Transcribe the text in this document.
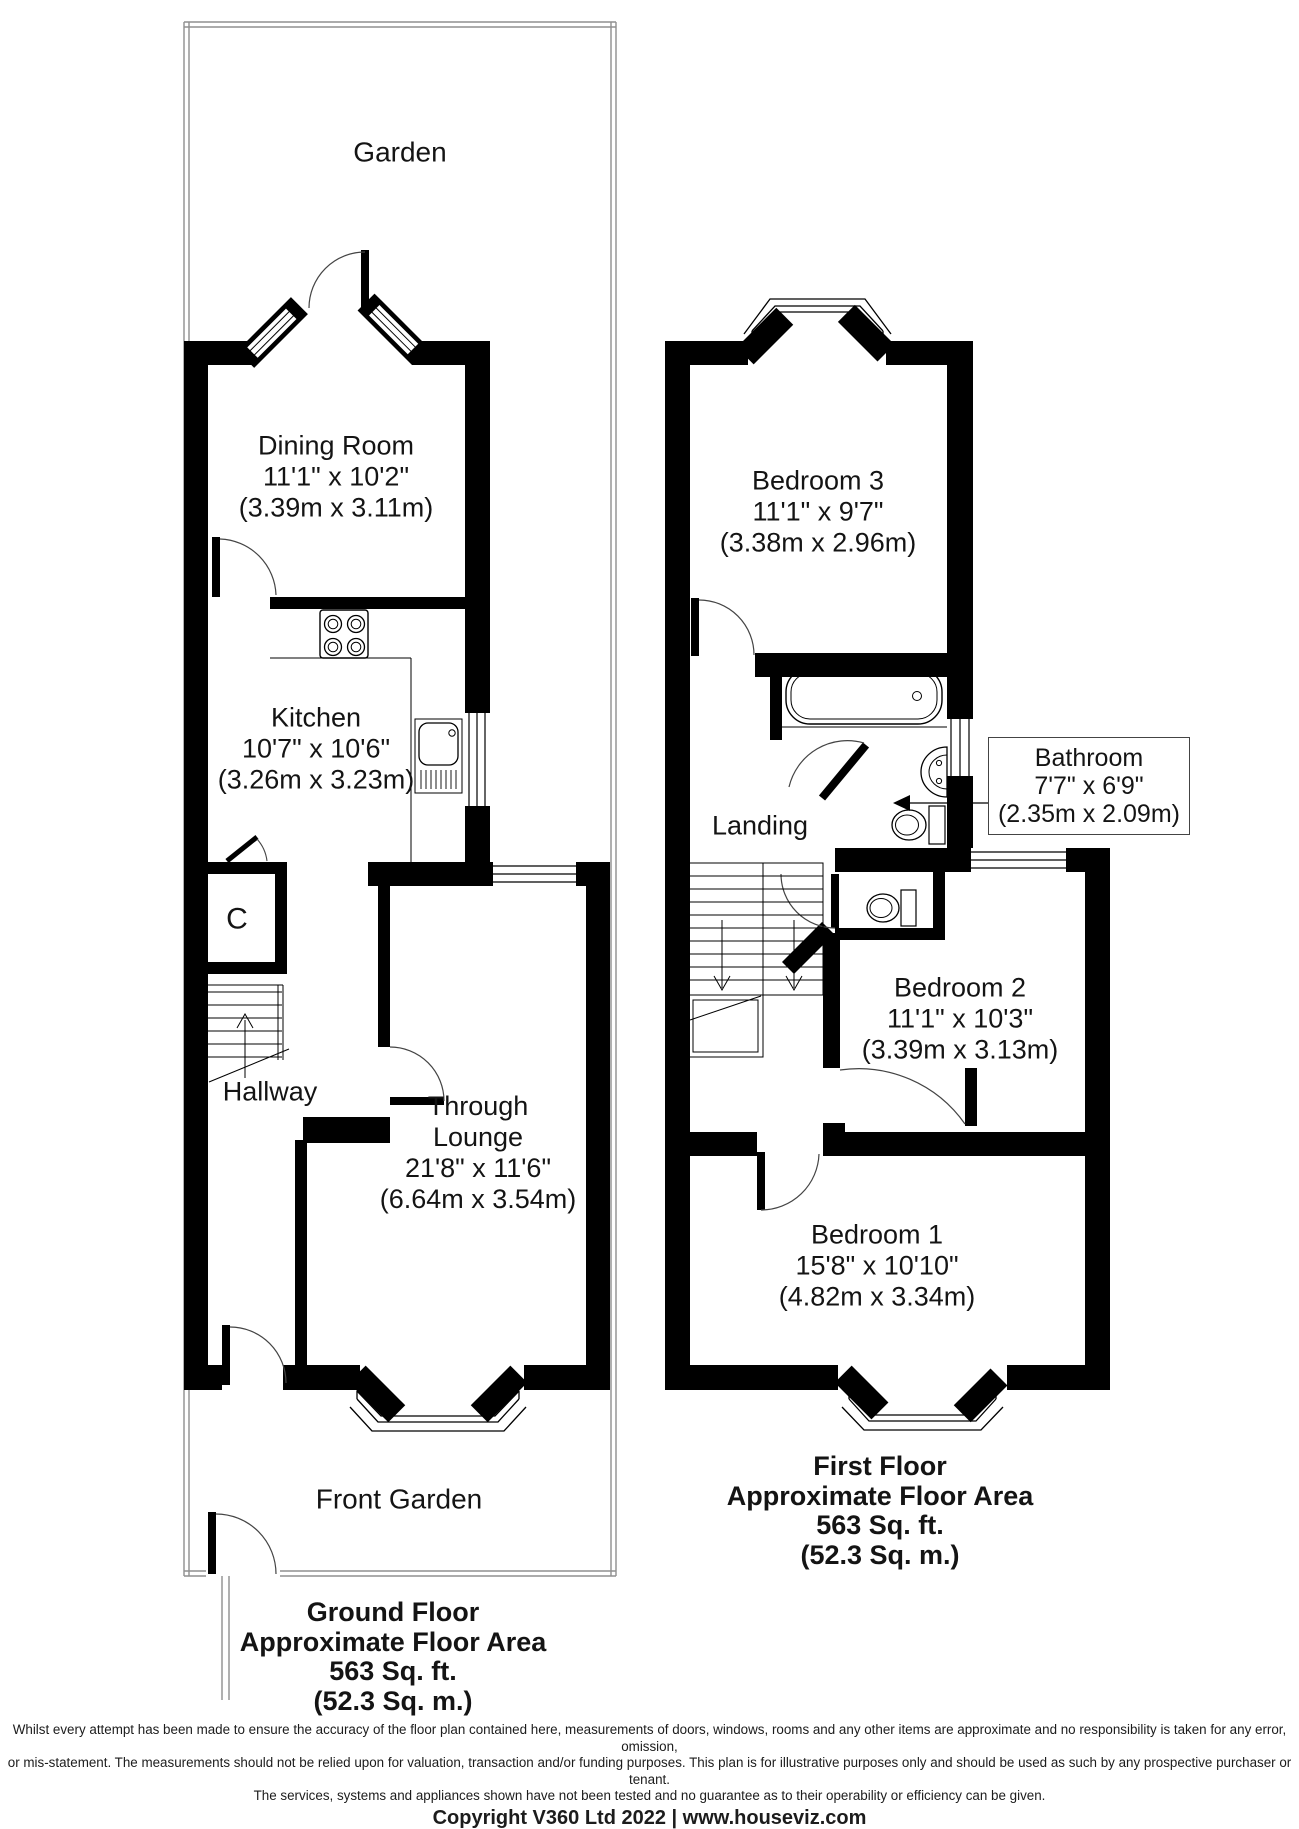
Garden
Dining Room
11'1" x 10'2"
(3.39m x 3.11m)
Kitchen
10'7" x 10'6"
(3.26m x 3.23m)
C
Hallway	Through
Lounge
21'8" x 11'6"
(6.64m x 3.54m)
Front Garden
Ground Floor
Approximate Floor Area
563 Sq. ft.
(52.3 Sq. m.)
Bedroom 3
11'1" x 9'7"
(3.38m x 2.96m)
Landing
Bathroom
7'7" x 6'9"
(2.35m x 2.09m)
Bedroom 2
11'1" x 10'3"
(3.39m x 3.13m)
Bedroom 1
15'8" x 10'10"
(4.82m x 3.34m)
First Floor
Approximate Floor Area
563 Sq. ft.
(52.3 Sq. m.)
Whilst every attempt has been made to ensure the accuracy of the floor plan contained here, measurements of doors, windows, rooms and any other items are approximate and no responsibility is taken for any error, omission,
or mis-statement. The measurements should not be relied upon for valuation, transaction and/or funding purposes. This plan is for illustrative purposes only and should be used as such by any prospective purchaser or tenant.
The services, systems and appliances shown have not been tested and no guarantee as to their operability or efficiency can be given.
Copyright V360 Ltd 2022 | www.houseviz.com
